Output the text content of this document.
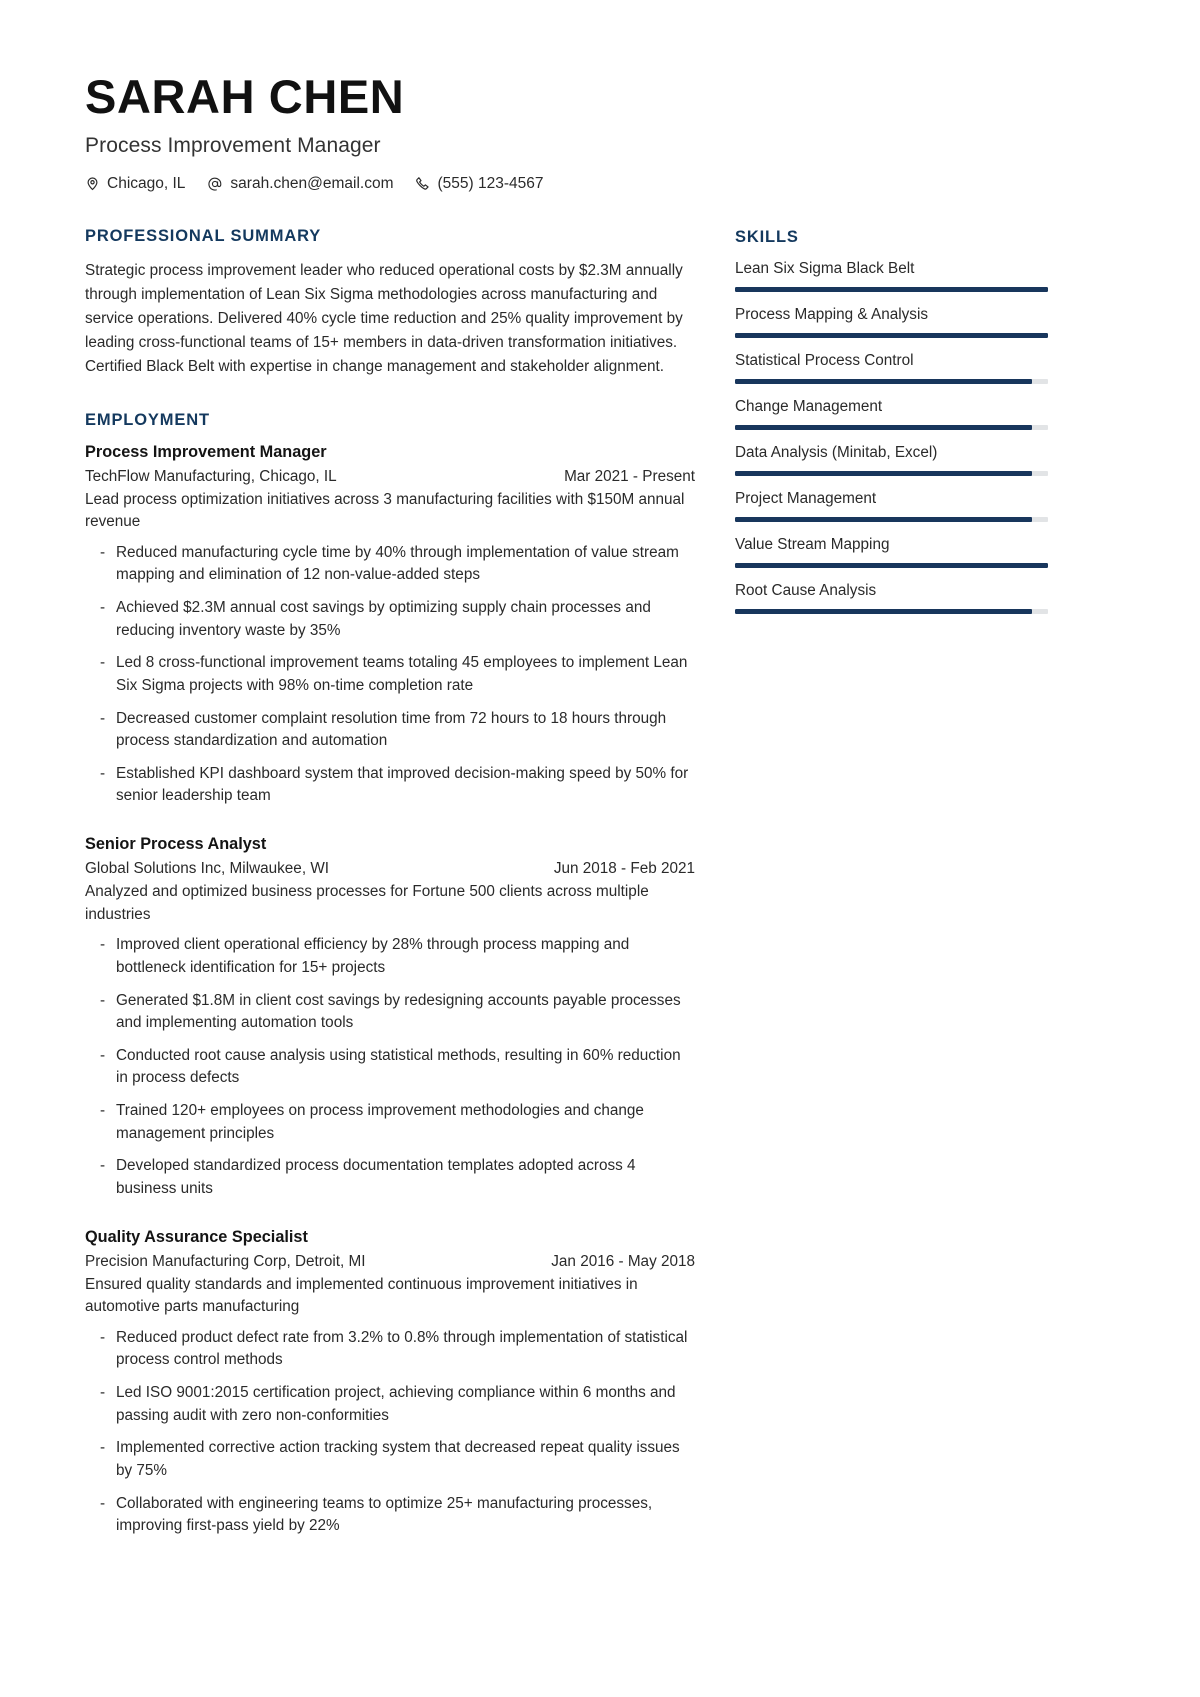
SARAH CHEN
Process Improvement Manager
Chicago, IL	sarah.chen@email.com	(555) 123-4567
PROFESSIONAL SUMMARY
Strategic process improvement leader who reduced operational costs by $2.3M annually through implementation of Lean Six Sigma methodologies across manufacturing and service operations. Delivered 40% cycle time reduction and 25% quality improvement by leading cross-functional teams of 15+ members in data-driven transformation initiatives. Certified Black Belt with expertise in change management and stakeholder alignment.
EMPLOYMENT
Process Improvement Manager
TechFlow Manufacturing, Chicago, IL	Mar 2021 - Present
Lead process optimization initiatives across 3 manufacturing facilities with $150M annual revenue
- Reduced manufacturing cycle time by 40% through implementation of value stream mapping and elimination of 12 non-value-added steps
- Achieved $2.3M annual cost savings by optimizing supply chain processes and reducing inventory waste by 35%
- Led 8 cross-functional improvement teams totaling 45 employees to implement Lean Six Sigma projects with 98% on-time completion rate
- Decreased customer complaint resolution time from 72 hours to 18 hours through process standardization and automation
- Established KPI dashboard system that improved decision-making speed by 50% for senior leadership team
Senior Process Analyst
Global Solutions Inc, Milwaukee, WI	Jun 2018 - Feb 2021
Analyzed and optimized business processes for Fortune 500 clients across multiple industries
- Improved client operational efficiency by 28% through process mapping and bottleneck identification for 15+ projects
- Generated $1.8M in client cost savings by redesigning accounts payable processes and implementing automation tools
- Conducted root cause analysis using statistical methods, resulting in 60% reduction in process defects
- Trained 120+ employees on process improvement methodologies and change management principles
- Developed standardized process documentation templates adopted across 4 business units
Quality Assurance Specialist
Precision Manufacturing Corp, Detroit, MI	Jan 2016 - May 2018
Ensured quality standards and implemented continuous improvement initiatives in automotive parts manufacturing
- Reduced product defect rate from 3.2% to 0.8% through implementation of statistical process control methods
- Led ISO 9001:2015 certification project, achieving compliance within 6 months and passing audit with zero non-conformities
- Implemented corrective action tracking system that decreased repeat quality issues by 75%
- Collaborated with engineering teams to optimize 25+ manufacturing processes, improving first-pass yield by 22%
SKILLS
Lean Six Sigma Black Belt
Process Mapping & Analysis
Statistical Process Control
Change Management
Data Analysis (Minitab, Excel)
Project Management
Value Stream Mapping
Root Cause Analysis
